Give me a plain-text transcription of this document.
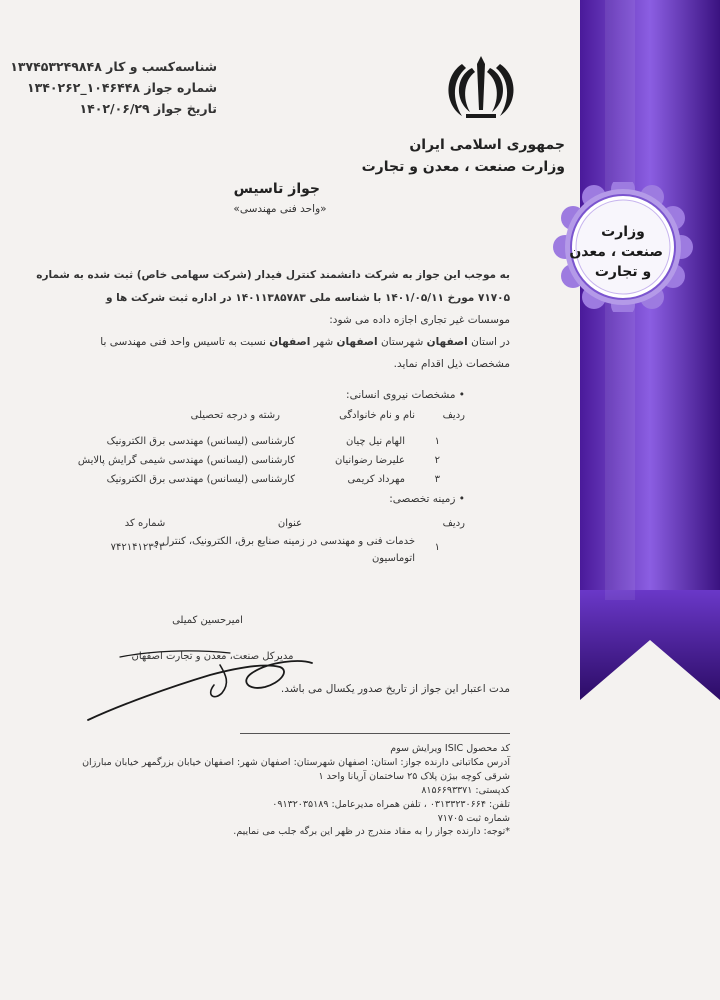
وزارت
صنعت ، معدن
و تجارت
شناسه‌کسب و کار ۱۳۷۴۵۳۲۴۹۸۴۸
شماره جواز ۱۰۴۶۴۴۸_۱۳۴۰۲۶۲
تاریخ جواز ۱۴۰۲/۰۶/۲۹
جمهوری اسلامی ایران
وزارت صنعت ، معدن و تجارت
جواز تاسیس
«واحد فنی مهندسی»
به موجب این جواز به شرکت دانشمند کنترل فیدار (شرکت سهامی خاص) ثبت شده به شماره
۷۱۷۰۵ مورخ ۱۴۰۱/۰۵/۱۱ با شناسه ملی ۱۴۰۱۱۳۸۵۷۸۳ در اداره ثبت شرکت ها و
موسسات غیر تجاری اجازه داده می شود:
در استان اصفهان شهرستان اصفهان شهر اصفهان نسبت به تاسیس واحد فنی مهندسی با
مشخصات ذیل اقدام نماید.
• مشخصات نیروی انسانی:
ردیف
نام و نام خانوادگی
رشته و درجه تحصیلی
۱
الهام نیل چیان
کارشناسی (لیسانس) مهندسی برق الکترونیک
۲
علیرضا رضوانیان
کارشناسی (لیسانس) مهندسی شیمی گرایش پالایش
۳
مهرداد کریمی
کارشناسی (لیسانس) مهندسی برق الکترونیک
• زمینه تخصصی:
ردیف
عنوان
شماره کد
۱
خدمات فنی و مهندسی در زمینه صنایع برق، الکترونیک، کنترل و
اتوماسیون
۷۴۲۱۴۱۲۳۰۳
امیرحسین کمیلی
مدیرکل صنعت، معدن و تجارت اصفهان
مدت اعتبار این جواز از تاریخ صدور یکسال می باشد.
کد محصول ISIC ویرایش سوم
آدرس مکاتباتی دارنده جواز: استان: اصفهان شهرستان: اصفهان شهر: اصفهان خیابان بزرگمهر خیابان مبارزان
شرقی کوچه بیژن پلاک ۲۵ ساختمان آریانا واحد ۱
کدپستی: ۸۱۵۶۶۹۳۳۷۱
تلفن: ۰۳۱۳۳۲۳۰۶۶۴ ، تلفن همراه مدیرعامل: ۰۹۱۳۲۰۳۵۱۸۹
شماره ثبت ۷۱۷۰۵
*توجه: دارنده جواز را به مفاد مندرج در ظهر این برگه جلب می نماییم.
